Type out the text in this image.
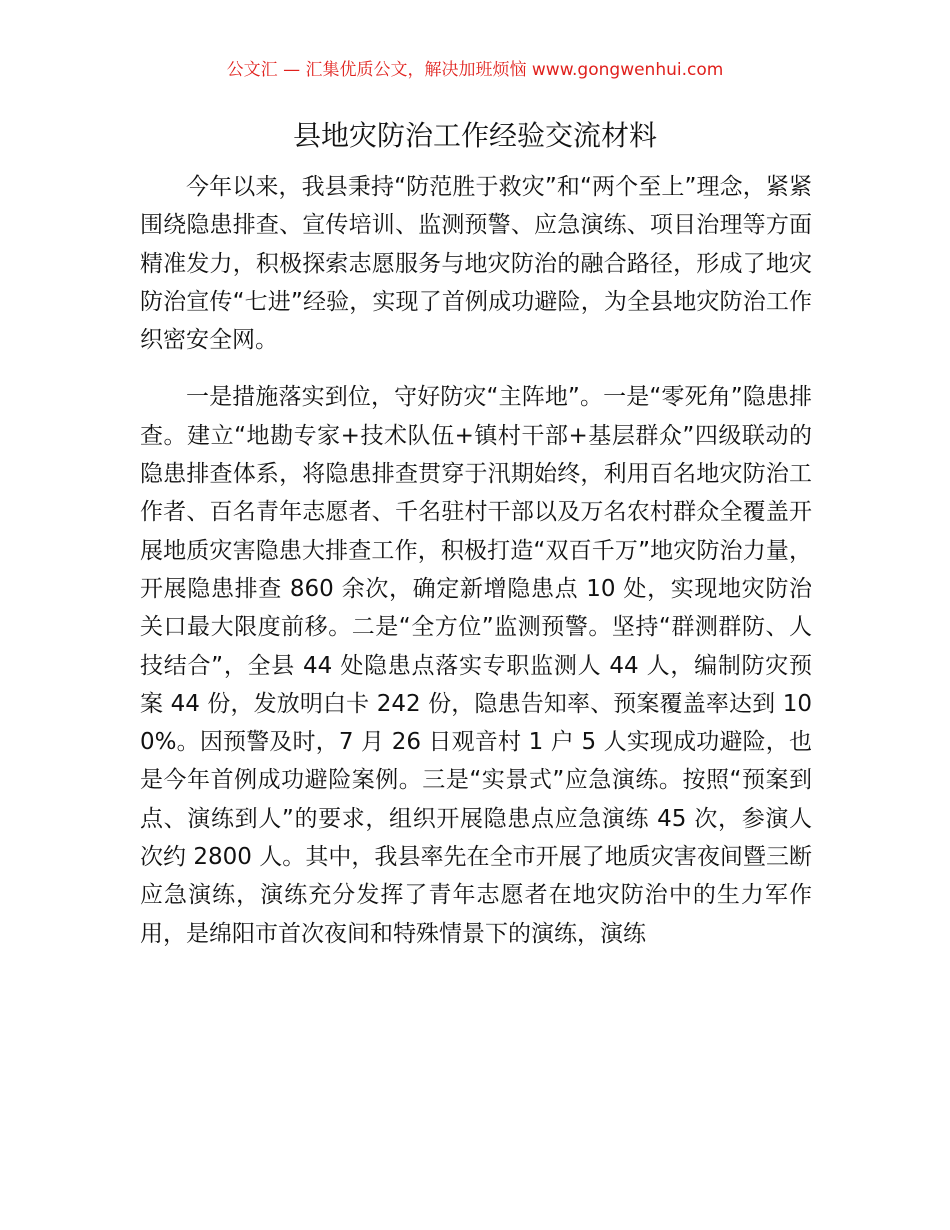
公文汇 — 汇集优质公文，解决加班烦恼 www.gongwenhui.com
县地灾防治工作经验交流材料

今年以来，我县秉持“防范胜于救灾”和“两个至上”理念，紧紧围绕隐患排查、宣传培训、监测预警、应急演练、项目治理等方面精准发力，积极探索志愿服务与地灾防治的融合路径，形成了地灾防治宣传“七进”经验，实现了首例成功避险，为全县地灾防治工作织密安全网。

一是措施落实到位，守好防灾“主阵地”。一是“零死角”隐患排查。建立“地勘专家+技术队伍+镇村干部+基层群众”四级联动的隐患排查体系，将隐患排查贯穿于汛期始终，利用百名地灾防治工作者、百名青年志愿者、千名驻村干部以及万名农村群众全覆盖开展地质灾害隐患大排查工作，积极打造“双百千万”地灾防治力量，开展隐患排查 860 余次，确定新增隐患点 10 处，实现地灾防治关口最大限度前移。二是“全方位”监测预警。坚持“群测群防、人技结合”，全县 44 处隐患点落实专职监测人 44 人，编制防灾预案 44 份，发放明白卡 242 份，隐患告知率、预案覆盖率达到 100%。因预警及时，7 月 26 日观音村 1 户 5 人实现成功避险，也是今年首例成功避险案例。三是“实景式”应急演练。按照“预案到点、演练到人”的要求，组织开展隐患点应急演练 45 次，参演人次约 2800 人。其中，我县率先在全市开展了地质灾害夜间暨三断应急演练，演练充分发挥了青年志愿者在地灾防治中的生力军作用，是绵阳市首次夜间和特殊情景下的演练，演练
